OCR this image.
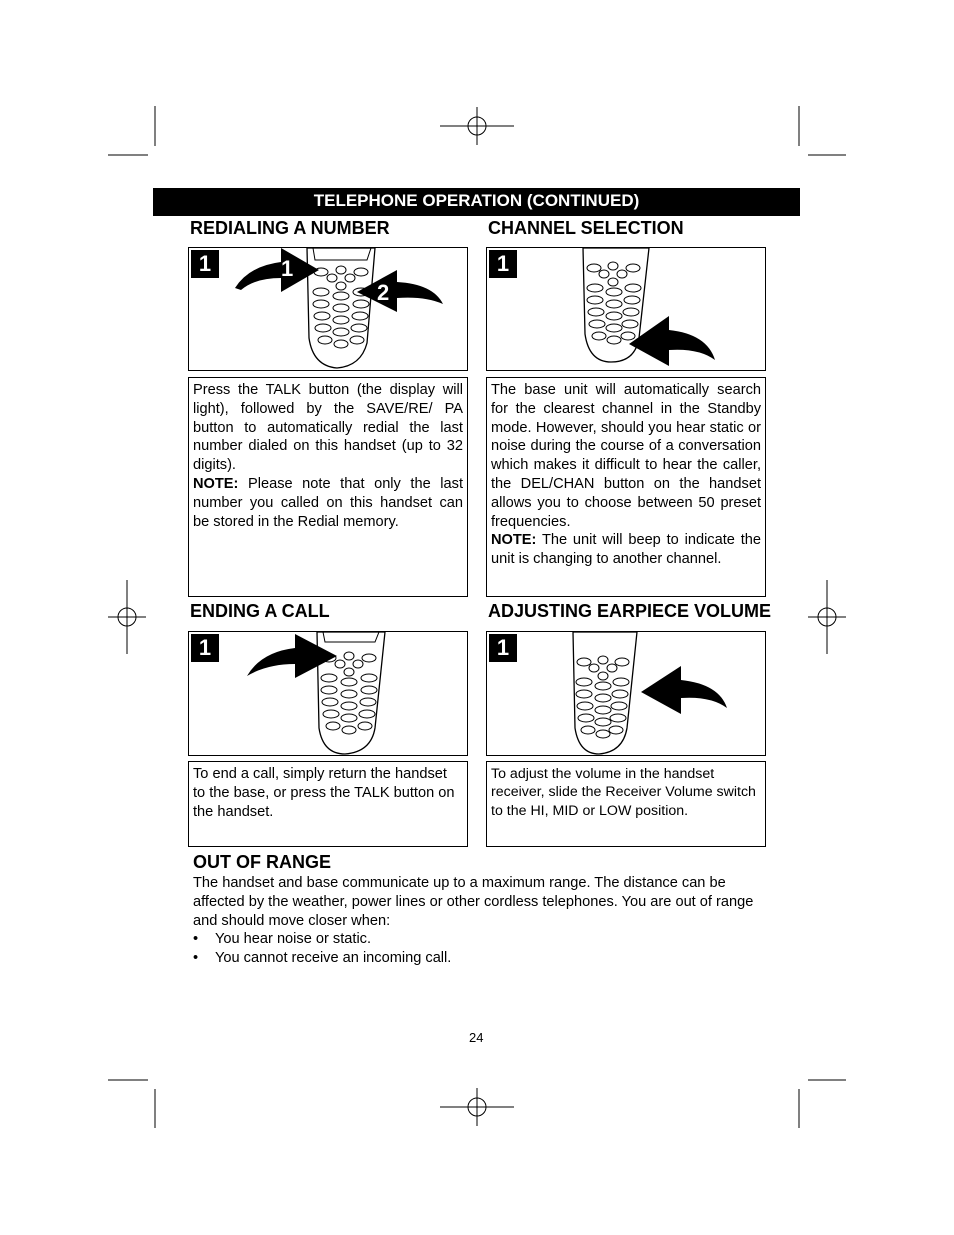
TELEPHONE OPERATION (CONTINUED)
REDIALING A NUMBER
1	1
2
Press the TALK button (the display will light), followed by the SAVE/RE/ PA button to automatically redial the last number dialed on this handset (up to 32 digits).
NOTE: Please note that only the last number you called on this handset can be stored in the Redial memory.
CHANNEL SELECTION
1
The base unit will automatically search for the clearest channel in the Standby mode. However, should you hear static or noise during the course of a conversation which makes it difficult to hear the caller, the DEL/CHAN button on the handset allows you to choose between 50 preset frequencies.
NOTE: The unit will beep to indicate the unit is changing to another channel.
ENDING A CALL
1
To end a call, simply return the handset to the base, or press the TALK button on the handset.
ADJUSTING EARPIECE VOLUME
1
To adjust the volume in the handset receiver, slide the Receiver Volume switch to the HI, MID or LOW position.
OUT OF RANGE
The handset and base communicate up to a maximum range. The distance can be affected by the weather, power lines or other cordless telephones. You are out of range and should move closer when:
• You hear noise or static.
• You cannot receive an incoming call.
24
